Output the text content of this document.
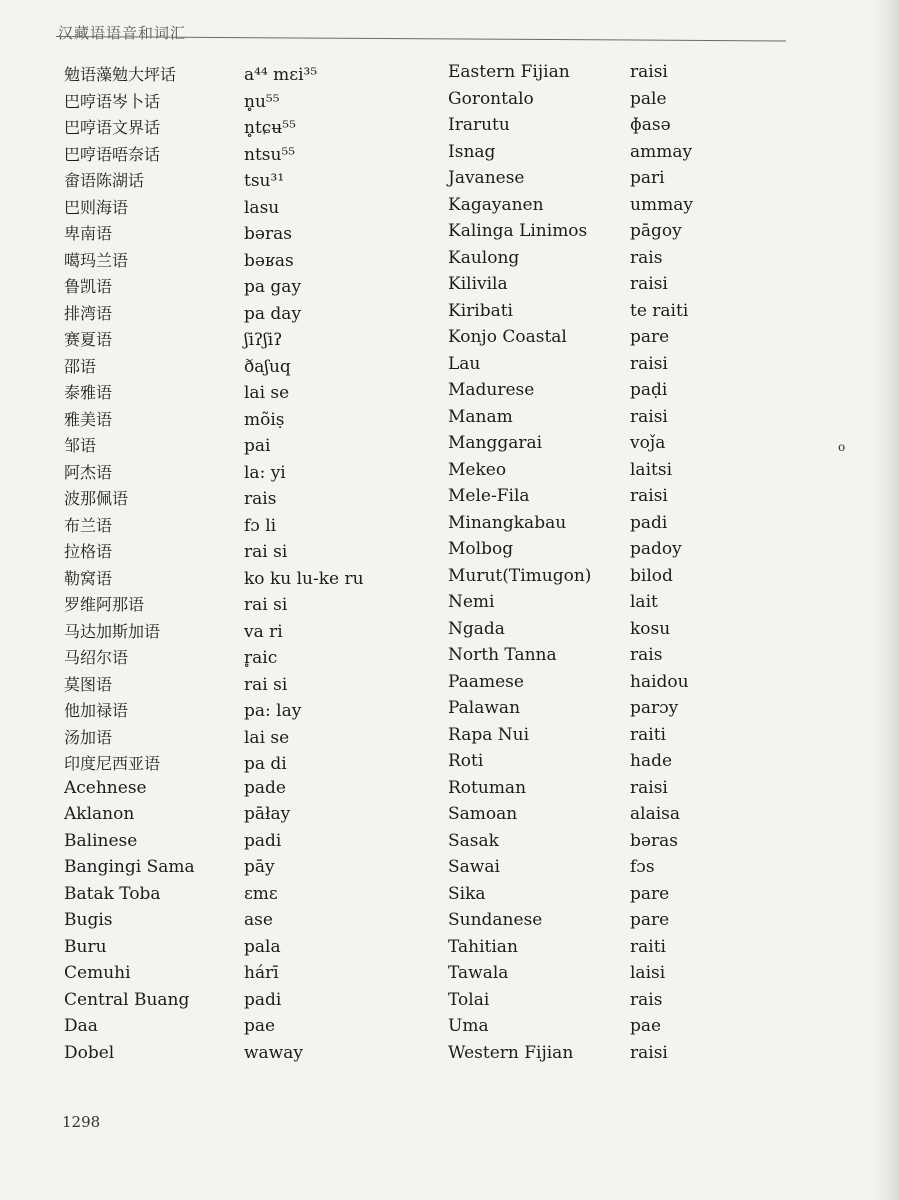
汉藏语语音和词汇
勉语藻勉大坪话	a⁴⁴ mɛi³⁵
巴哼语岑卜话	n̥u⁵⁵
巴哼语文界话	n̥tɕʉ⁵⁵
巴哼语唔奈话	ntsu⁵⁵
畲语陈湖话	tsu³¹
巴则海语	lasu
卑南语	bəras
噶玛兰语	bəʁas
鲁凯语	pa gay
排湾语	pa day
赛夏语	ʃiʔʃiʔ
邵语	ðaʃuq
泰雅语	lai se
雅美语	mõiṣ
邹语	pai
阿杰语	la: yi
波那佩语	rais
布兰语	fɔ li
拉格语	rai si
勒窝语	ko ku lu-ke ru
罗维阿那语	rai si
马达加斯加语	va ri
马绍尔语	r̥aic
莫图语	rai si
他加禄语	pa: lay
汤加语	lai se
印度尼西亚语	pa di
Acehnese	pade
Aklanon	pāłay
Balinese	padi
Bangingi Sama	pāy
Batak Toba	ɛmɛ
Bugis	ase
Buru	pala
Cemuhi	hárī
Central Buang	padi
Daa	pae
Dobel	waway
Eastern Fijian	raisi
Gorontalo	pale
Irarutu	ɸasə
Isnag	ammay
Javanese	pari
Kagayanen	ummay
Kalinga Linimos	pāgoy
Kaulong	rais
Kilivila	raisi
Kiribati	te raiti
Konjo Coastal	pare
Lau	raisi
Madurese	paḍi
Manam	raisi
Manggarai	voǰa
Mekeo	laitsi
Mele-Fila	raisi
Minangkabau	padi
Molbog	padoy
Murut(Timugon)	bilod
Nemi	lait
Ngada	kosu
North Tanna	rais
Paamese	haidou
Palawan	parɔy
Rapa Nui	raiti
Roti	hade
Rotuman	raisi
Samoan	alaisa
Sasak	bəras
Sawai	fɔs
Sika	pare
Sundanese	pare
Tahitian	raiti
Tawala	laisi
Tolai	rais
Uma	pae
Western Fijian	raisi
o
1298
